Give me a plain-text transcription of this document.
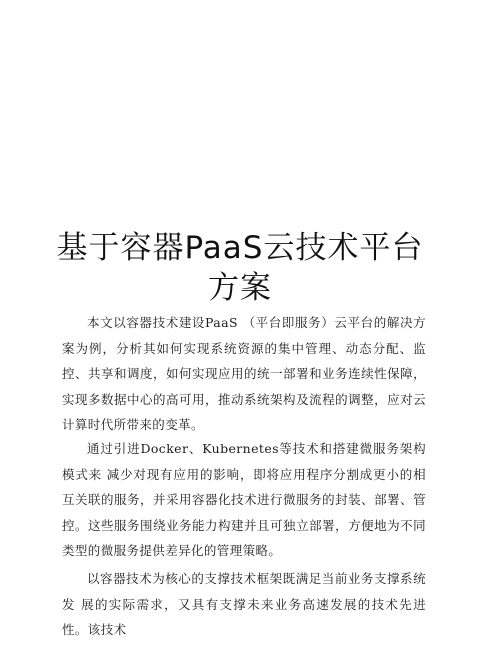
基于容器PaaS云技术平台
方案

本文以容器技术建设PaaS （平台即服务）云平台的解决方案为例，分析其如何实现系统资源的集中管理、动态分配、监控、共享和调度，如何实现应用的统一部署和业务连续性保障，实现多数据中心的高可用，推动系统架构及流程的调整，应对云计算时代所带来的变革。

通过引进Docker、Kubernetes等技术和搭建微服务架构模式来 减少对现有应用的影响，即将应用程序分割成更小的相互关联的服务，并采用容器化技术进行微服务的封装、部署、管控。这些服务围绕业务能力构建并且可独立部署，方便地为不同类型的微服务提供差异化的管理策略。

以容器技术为核心的支撑技术框架既满足当前业务支撑系统发 展的实际需求，又具有支撑未来业务高速发展的技术先进性。该技术
